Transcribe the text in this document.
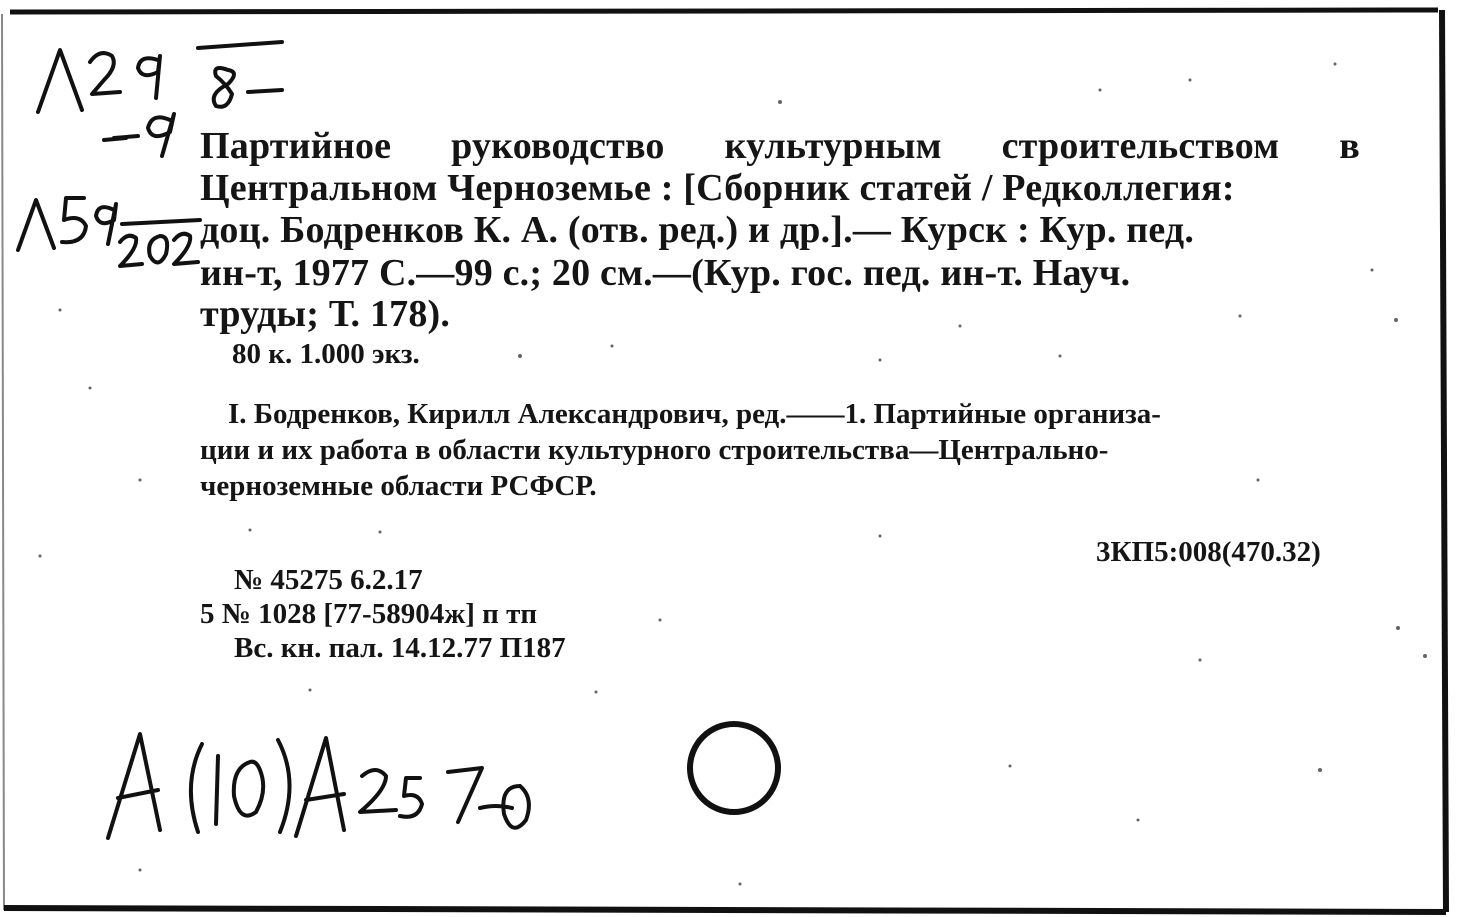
Партийное руководство культурным строительством в
Центральном Черноземье : [Сборник статей / Редколлегия:
доц. Бодренков К. А. (отв. ред.) и др.].— Курск : Кур. пед.
ин-т, 1977 С.—99 с.; 20 см.—(Кур. гос. пед. ин-т. Науч.
труды; Т. 178).
80 к. 1.000 экз.
I. Бодренков, Кирилл Александрович, ред.——1. Партийные организа-
ции и их работа в области культурного строительства—Центрально-
черноземные области РСФСР.
3КП5:008(470.32)
№ 45275 6.2.17
5 № 1028 [77-58904ж] п тп
Вс. кн. пал. 14.12.77 П187
